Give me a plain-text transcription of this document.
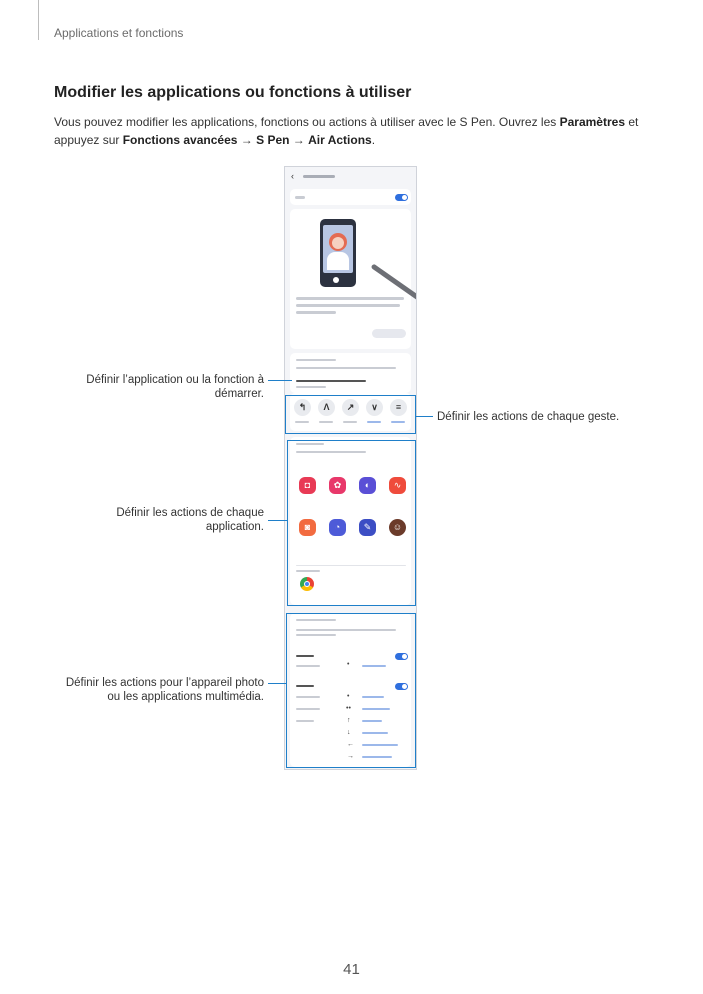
Applications et fonctions
Modifier les applications ou fonctions à utiliser

Vous pouvez modifier les applications, fonctions ou actions à utiliser avec le S Pen. Ouvrez les Paramètres et appuyez sur Fonctions avancées → S Pen → Air Actions.

‹
↰	Λ	↗	∨	≡
◘	✿	◐	∿
◙	◔	✎	☺
•
•
••
↑
↓
←
→
Définir l’application ou la fonction à démarrer.
Définir les actions de chaque geste.
Définir les actions de chaque application.
Définir les actions pour l’appareil photo ou les applications multimédia.
41
